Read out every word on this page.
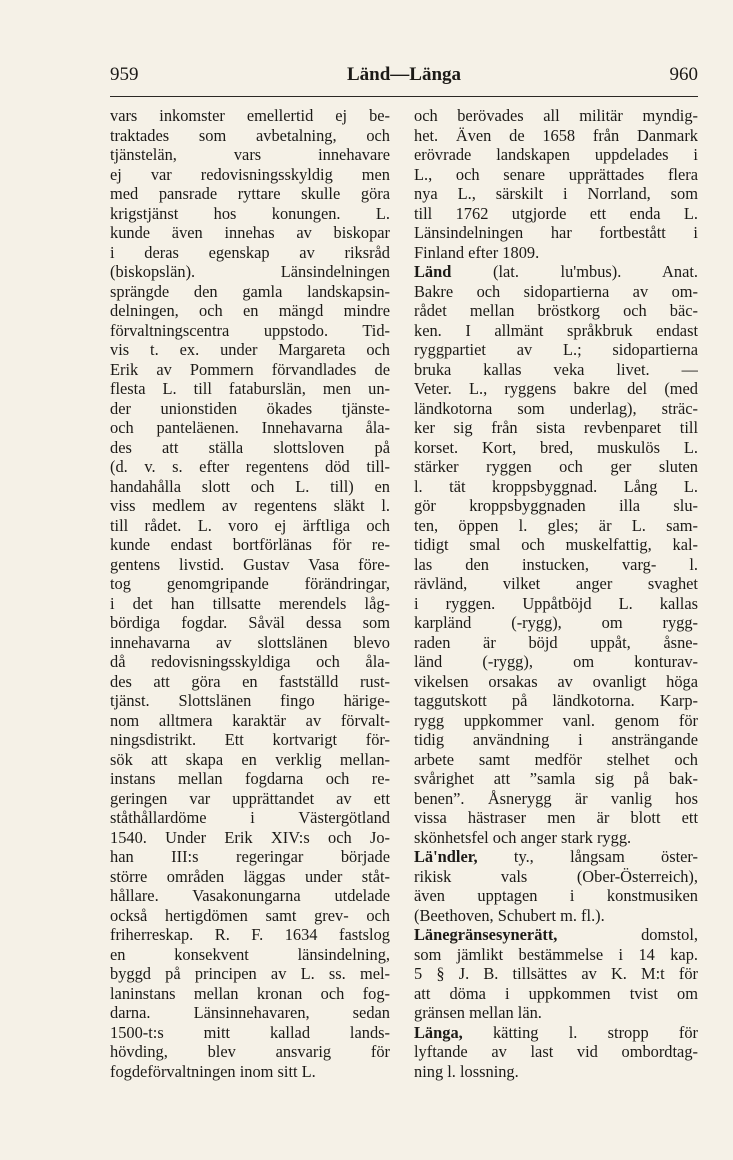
959	Länd—Länga	960
vars inkomster emellertid ej be-
traktades som avbetalning, och
tjänstelän, vars innehavare
ej var redovisningsskyldig men
med pansrade ryttare skulle göra
krigstjänst hos konungen. L.
kunde även innehas av biskopar
i deras egenskap av riksråd
(biskopslän). Länsindelningen
sprängde den gamla landskapsin-
delningen, och en mängd mindre
förvaltningscentra uppstodo. Tid-
vis t. ex. under Margareta och
Erik av Pommern förvandlades de
flesta L. till fataburslän, men un-
der unionstiden ökades tjänste-
och panteläenen. Innehavarna åla-
des att ställa slottsloven på
(d. v. s. efter regentens död till-
handahålla slott och L. till) en
viss medlem av regentens släkt l.
till rådet. L. voro ej ärftliga och
kunde endast bortförlänas för re-
gentens livstid. Gustav Vasa före-
tog genomgripande förändringar,
i det han tillsatte merendels låg-
bördiga fogdar. Såväl dessa som
innehavarna av slottslänen blevo
då redovisningsskyldiga och åla-
des att göra en fastställd rust-
tjänst. Slottslänen fingo härige-
nom alltmera karaktär av förvalt-
ningsdistrikt. Ett kortvarigt för-
sök att skapa en verklig mellan-
instans mellan fogdarna och re-
geringen var upprättandet av ett
ståthållardöme i Västergötland
1540. Under Erik XIV:s och Jo-
han III:s regeringar började
större områden läggas under ståt-
hållare. Vasakonungarna utdelade
också hertigdömen samt grev- och
friherreskap. R. F. 1634 fastslog
en konsekvent länsindelning,
byggd på principen av L. ss. mel-
laninstans mellan kronan och fog-
darna. Länsinnehavaren, sedan
1500-t:s mitt kallad lands-
hövding, blev ansvarig för
fogdeförvaltningen inom sitt L.
och berövades all militär myndig-
het. Även de 1658 från Danmark
erövrade landskapen uppdelades i
L., och senare upprättades flera
nya L., särskilt i Norrland, som
till 1762 utgjorde ett enda L.
Länsindelningen har fortbestått i
Finland efter 1809.
Länd (lat. lu'mbus). Anat.
Bakre och sidopartierna av om-
rådet mellan bröstkorg och bäc-
ken. I allmänt språkbruk endast
ryggpartiet av L.; sidopartierna
bruka kallas veka livet. —
Veter. L., ryggens bakre del (med
ländkotorna som underlag), sträc-
ker sig från sista revbenparet till
korset. Kort, bred, muskulös L.
stärker ryggen och ger sluten
l. tät kroppsbyggnad. Lång L.
gör kroppsbyggnaden illa slu-
ten, öppen l. gles; är L. sam-
tidigt smal och muskelfattig, kal-
las den instucken, varg- l.
rävländ, vilket anger svaghet
i ryggen. Uppåtböjd L. kallas
karpländ (-rygg), om rygg-
raden är böjd uppåt, åsne-
länd (-rygg), om konturav-
vikelsen orsakas av ovanligt höga
taggutskott på ländkotorna. Karp-
rygg uppkommer vanl. genom för
tidig användning i ansträngande
arbete samt medför stelhet och
svårighet att ”samla sig på bak-
benen”. Åsnerygg är vanlig hos
vissa hästraser men är blott ett
skönhetsfel och anger stark rygg.
Lä'ndler, ty., långsam öster-
rikisk vals (Ober-Österreich),
även upptagen i konstmusiken
(Beethoven, Schubert m. fl.).
Länegränsesynerätt, domstol,
som jämlikt bestämmelse i 14 kap.
5 § J. B. tillsättes av K. M:t för
att döma i uppkommen tvist om
gränsen mellan län.
Länga, kätting l. stropp för
lyftande av last vid ombordtag-
ning l. lossning.
